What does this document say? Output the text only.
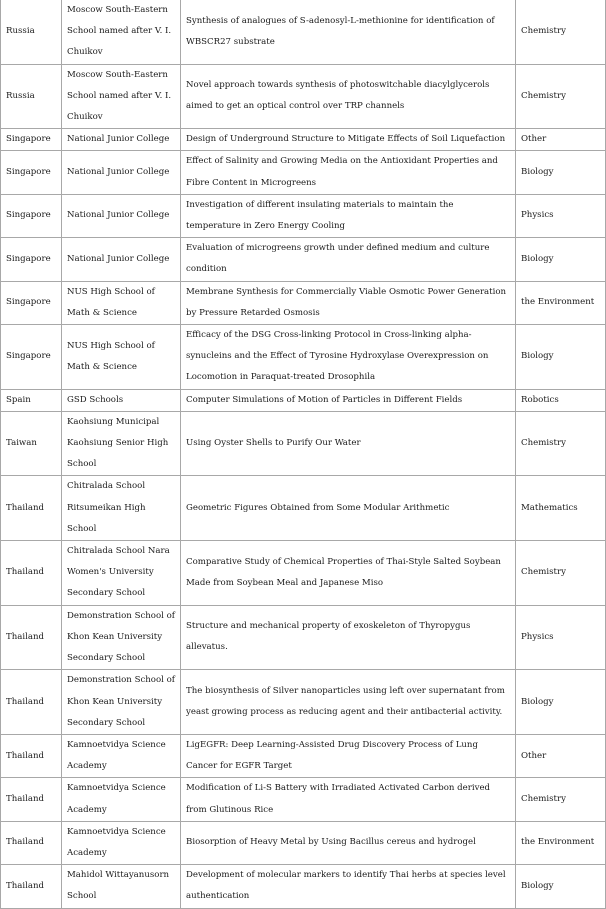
Russia	Moscow South-Eastern School named after V. I. Chuikov	Synthesis of analogues of S-adenosyl-L-methionine for identification of WBSCR27 substrate	Chemistry
Russia	Moscow South-Eastern School named after V. I. Chuikov	Novel approach towards synthesis of photoswitchable diacylglycerols aimed to get an optical control over TRP channels	Chemistry
Singapore	National Junior College	Design of Underground Structure to Mitigate Effects of Soil Liquefaction	Other
Singapore	National Junior College	Effect of Salinity and Growing Media on the Antioxidant Properties and Fibre Content in Microgreens	Biology
Singapore	National Junior College	Investigation of different insulating materials to maintain the temperature in Zero Energy Cooling	Physics
Singapore	National Junior College	Evaluation of microgreens growth under defined medium and culture condition	Biology
Singapore	NUS High School of Math & Science	Membrane Synthesis for Commercially Viable Osmotic Power Generation by Pressure Retarded Osmosis	the Environment
Singapore	NUS High School of Math & Science	Efficacy of the DSG Cross-linking Protocol in Cross-linking alpha-synucleins and the Effect of Tyrosine Hydroxylase Overexpression on Locomotion in Paraquat-treated Drosophila	Biology
Spain	GSD Schools	Computer Simulations of Motion of Particles in Different Fields	Robotics
Taiwan	Kaohsiung Municipal Kaohsiung Senior High School	Using Oyster Shells to Purify Our Water	Chemistry
Thailand	Chitralada School Ritsumeikan High School	Geometric Figures Obtained from Some Modular Arithmetic	Mathematics
Thailand	Chitralada School Nara Women's University Secondary School	Comparative Study of Chemical Properties of Thai-Style Salted Soybean Made from Soybean Meal and Japanese Miso	Chemistry
Thailand	Demonstration School of Khon Kean University Secondary School	Structure and mechanical property of exoskeleton of Thyropygus allevatus.	Physics
Thailand	Demonstration School of Khon Kean University Secondary School	The biosynthesis of Silver nanoparticles using left over supernatant from yeast growing process as reducing agent and their antibacterial activity.	Biology
Thailand	Kamnoetvidya Science Academy	LigEGFR: Deep Learning-Assisted Drug Discovery Process of Lung Cancer for EGFR Target	Other
Thailand	Kamnoetvidya Science Academy	Modification of Li-S Battery with Irradiated Activated Carbon derived from Glutinous Rice	Chemistry
Thailand	Kamnoetvidya Science Academy	Biosorption of Heavy Metal by Using Bacillus cereus and hydrogel	the Environment
Thailand	Mahidol Wittayanusorn School	Development of molecular markers to identify Thai herbs at species level authentication	Biology
